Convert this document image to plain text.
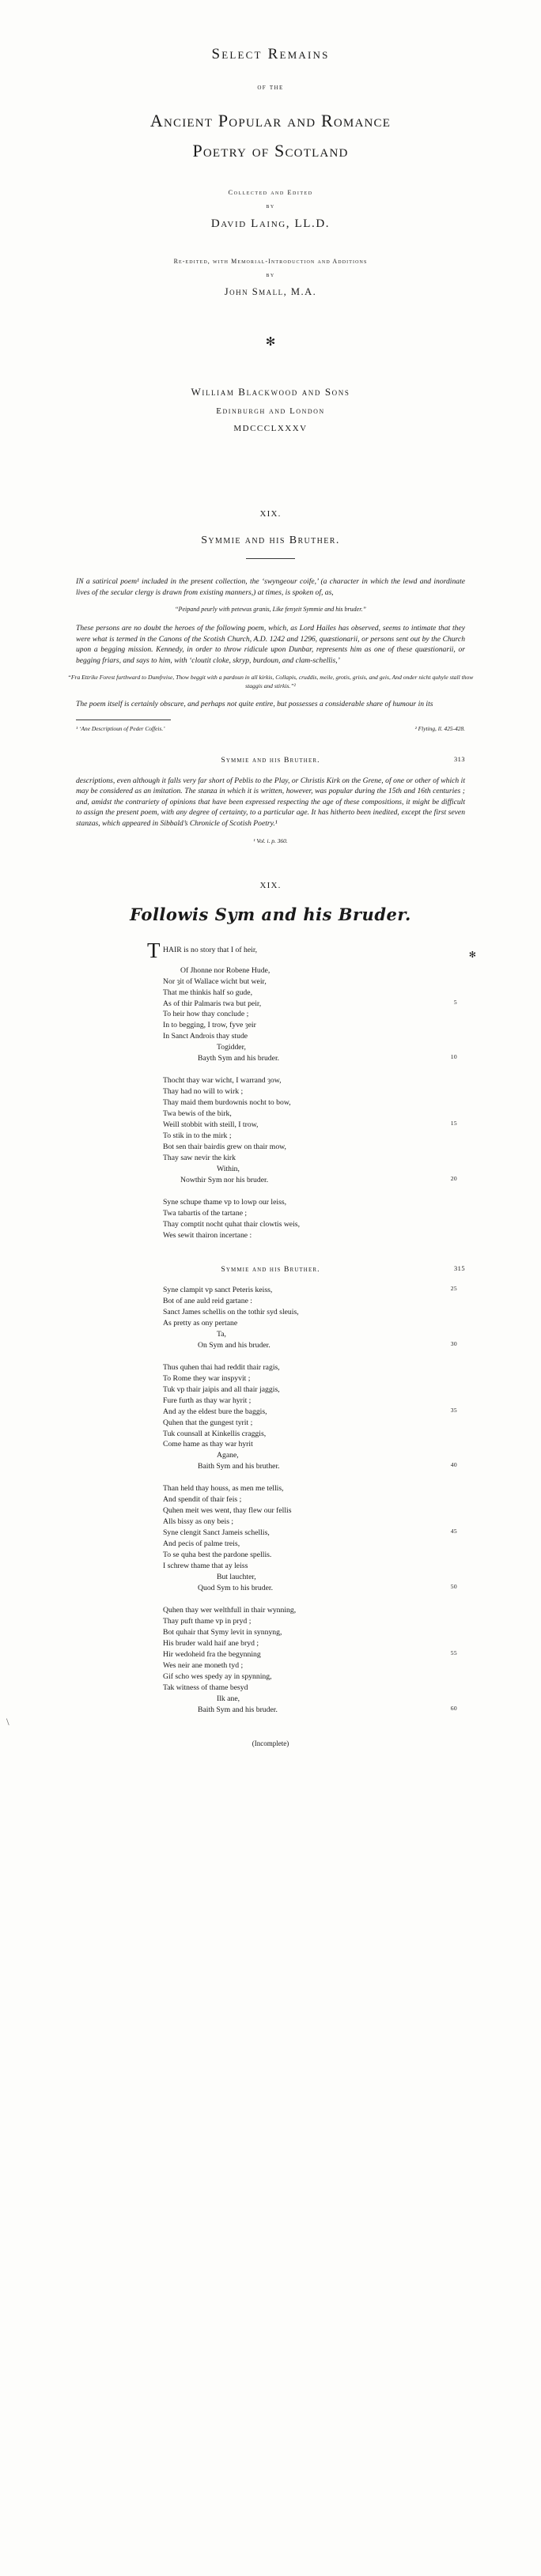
Select Remains
of the
Ancient Popular and Romance
Poetry of Scotland
Collected and Edited
by
David Laing, LL.D.
Re-edited, with Memorial-Introduction and Additions
by
John Small, M.A.
✻
William Blackwood and Sons
Edinburgh and London
MDCCCLXXXV
XIX.
Symmie and his Bruther.
IN a satirical poem¹ included in the present collection, the ‘swyngeour coife,’ (a character in which the lewd and inordinate lives of the secular clergy is drawn from existing manners,) at times, is spoken of, as,
“Peipand peurly with petewus granis, Like fenȝeit Symmie and his bruder.”
These persons are no doubt the heroes of the following poem, which, as Lord Hailes has observed, seems to intimate that they were what is termed in the Canons of the Scotish Church, A.D. 1242 and 1296, quæstionarii, or persons sent out by the Church upon a begging mission. Kennedy, in order to throw ridicule upon Dunbar, represents him as one of these quæstionarii, or begging friars, and says to him, with ‘cloutit cloke, skryp, burdoun, and clam-schellis,’
“Fra Ettrike Forest furthward to Dumfreise, Thow beggit with a pardoun in all kirkis, Collapis, cruddis, meile, grotis, grisis, and geis, And onder nicht quhyle stall thow staggis and stirkis.”²
The poem itself is certainly obscure, and perhaps not quite entire, but possesses a considerable share of humour in its
¹ ‘Ane Descriptioun of Peder Coffeis.’	² Flyting, ll. 425-428.
Symmie and his Bruther.	313
descriptions, even although it falls very far short of Peblis to the Play, or Christis Kirk on the Grene, of one or other of which it may be considered as an imitation. The stanza in which it is written, however, was popular during the 15th and 16th centuries ; and, amidst the contrariety of opinions that have been expressed respecting the age of these compositions, it might be difficult to assign the present poem, with any degree of certainty, to a particular age. It has hitherto been inedited, except the first seven stanzas, which appeared in Sibbald’s Chronicle of Scotish Poetry.¹
¹ Vol. i. p. 360.
XIX.
Followis Sym and his Bruder.
T HAIR is no story that I of heir,
Of Jhonne nor Robene Hude,
Nor ȝit of Wallace wicht but weir,
That me thinkis half so gude,
As of thir Palmaris twa but peir,	5
To heir how thay conclude ;
In to begging, I trow, fyve ȝeir
In Sanct Androis thay stude
Togidder,
Bayth Sym and his bruder.	10
✻
Thocht thay war wicht, I warrand ȝow,
Thay had no will to wirk ;
Thay maid them burdownis nocht to bow,
Twa bewis of the birk,
Weill stobbit with steill, I trow,	15
To stik in to the mirk ;
Bot sen thair bairdis grew on thair mow,
Thay saw nevir the kirk
Within,
Nowthir Sym nor his bruder.	20
Syne schupe thame vp to lowp our leiss,
Twa tabartis of the tartane ;
Thay comptit nocht quhat thair clowtis weis,
Wes sewit thairon incertane :
Symmie and his Bruther.	315
Syne clampit vp sanct Peteris keiss,	25
Bot of ane auld reid gartane :
Sanct James schellis on the tothir syd sleuis,
As pretty as ony pertane
Ta,
On Sym and his bruder.	30
Thus quhen thai had reddit thair ragis,
To Rome they war inspyvit ;
Tuk vp thair jaipis and all thair jaggis,
Fure furth as thay war hyrit ;
And ay the eldest bure the baggis,	35
Quhen that the gungest tyrit ;
Tuk counsall at Kinkellis craggis,
Come hame as thay war hyrit
Agane,
Baith Sym and his bruther.	40
Than held thay houss, as men me tellis,
And spendit of thair feis ;
Quhen meit wes went, thay flew our fellis
Alls bissy as ony beis ;
Syne clengit Sanct Jameis schellis,	45
And pecis of palme treis,
To se quha best the pardone spellis.
I schrew thame that ay leiss
But lauchter,
Quod Sym to his bruder.	50
Quhen thay wer welthfull in thair wynning,
Thay puft thame vp in pryd ;
Bot quhair that Symy levit in synnyng,
His bruder wald haif ane bryd ;
Hir wedoheid fra the begynning	55
Wes neir ane moneth tyd ;
Gif scho wes spedy ay in spynning,
Tak witness of thame besyd
Ilk ane,
Baith Sym and his bruder.	60
(Incomplete)
\
